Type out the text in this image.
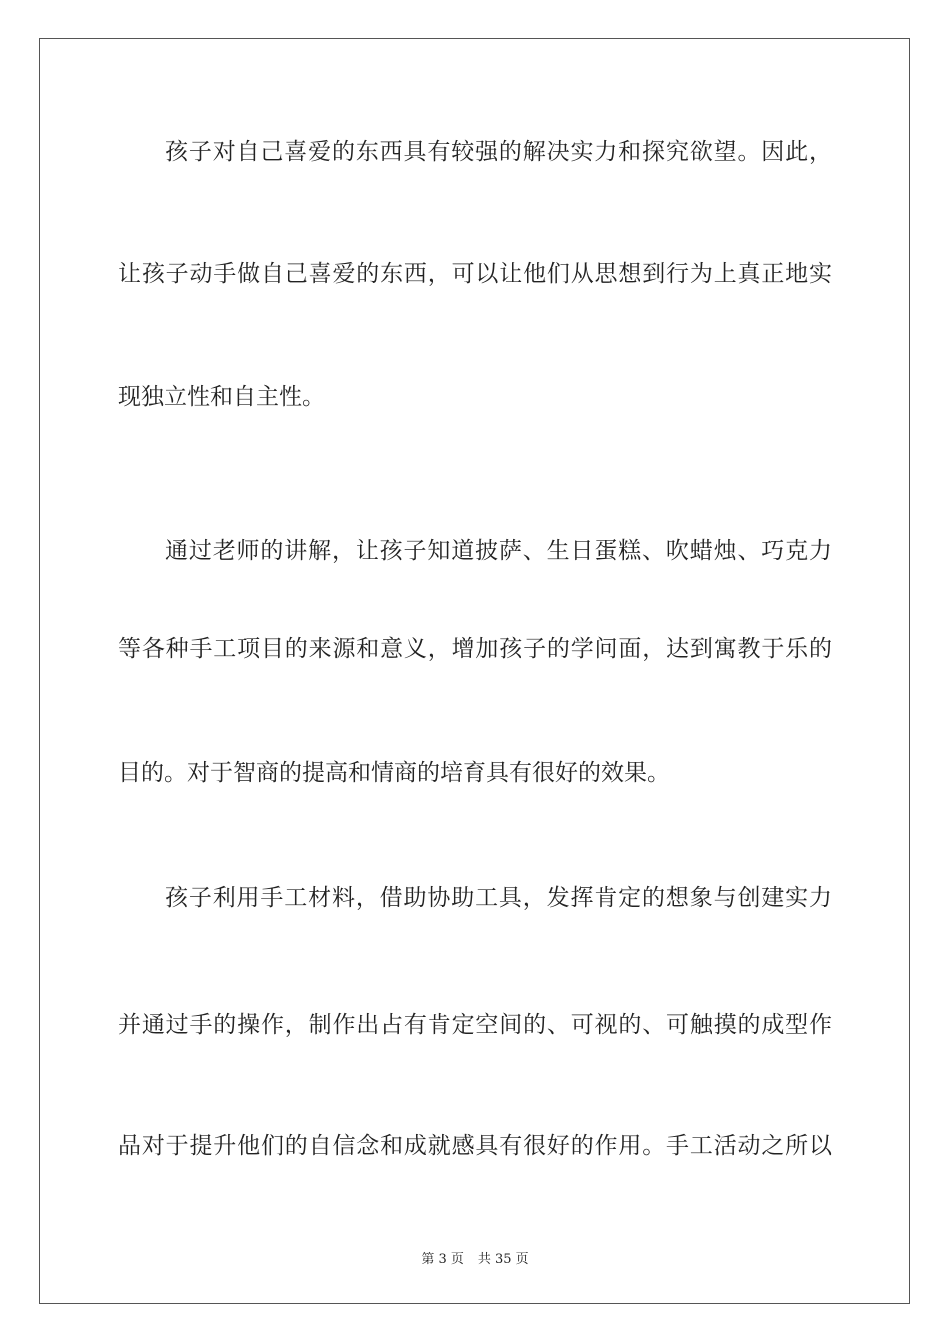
孩子对自己喜爱的东西具有较强的解决实力和探究欲望。因此，
让孩子动手做自己喜爱的东西，可以让他们从思想到行为上真正地实
现独立性和自主性。
通过老师的讲解，让孩子知道披萨、生日蛋糕、吹蜡烛、巧克力
等各种手工项目的来源和意义，增加孩子的学问面，达到寓教于乐的
目的。对于智商的提高和情商的培育具有很好的效果。
孩子利用手工材料，借助协助工具，发挥肯定的想象与创建实力
并通过手的操作，制作出占有肯定空间的、可视的、可触摸的成型作
品对于提升他们的自信念和成就感具有很好的作用。手工活动之所以
第 3 页 共 35 页
